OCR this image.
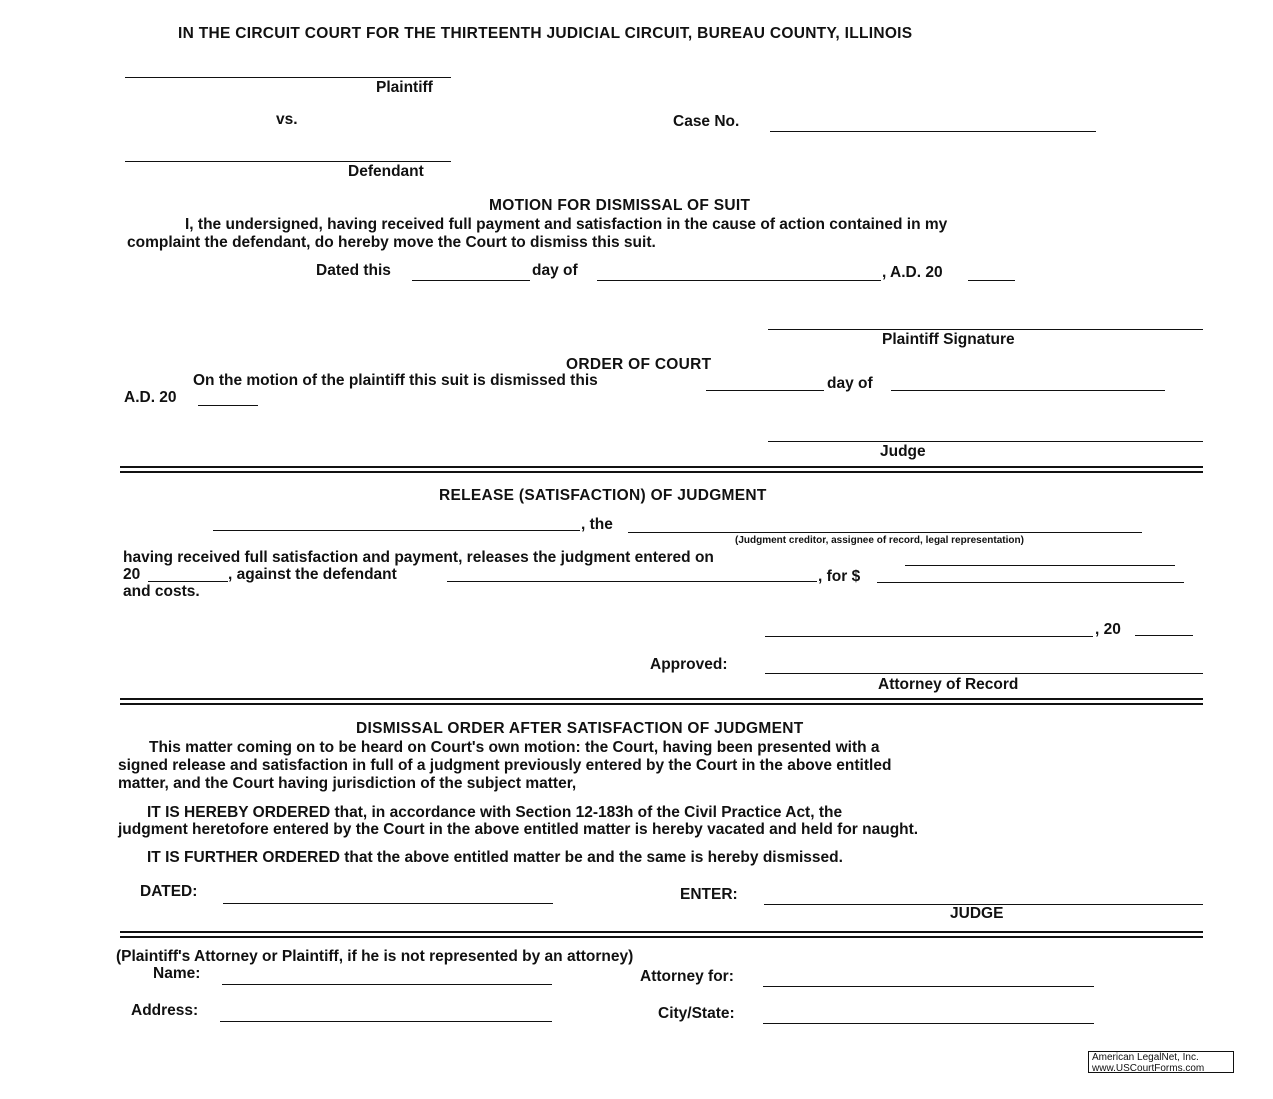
IN THE CIRCUIT COURT FOR THE THIRTEENTH JUDICIAL CIRCUIT, BUREAU COUNTY, ILLINOIS
Plaintiff
vs.	Case No.
Defendant
MOTION FOR DISMISSAL OF SUIT
I, the undersigned, having received full payment and satisfaction in the cause of action contained in my
complaint the defendant, do hereby move the Court to dismiss this suit.
Dated this	day of	, A.D. 20
Plaintiff Signature
ORDER OF COURT
On the motion of the plaintiff this suit is dismissed this	day of
A.D. 20
Judge
RELEASE (SATISFACTION) OF JUDGMENT
, the
(Judgment creditor, assignee of record, legal representation)
having received full satisfaction and payment, releases the judgment entered on
20	, against the defendant	, for $
and costs.
, 20
Approved:
Attorney of Record
DISMISSAL ORDER AFTER SATISFACTION OF JUDGMENT
This matter coming on to be heard on Court's own motion: the Court, having been presented with a
signed release and satisfaction in full of a judgment previously entered by the Court in the above entitled
matter, and the Court having jurisdiction of the subject matter,
IT IS HEREBY ORDERED that, in accordance with Section 12-183h of the Civil Practice Act, the
judgment heretofore entered by the Court in the above entitled matter is hereby vacated and held for naught.
IT IS FURTHER ORDERED that the above entitled matter be and the same is hereby dismissed.
DATED:	ENTER:
JUDGE
(Plaintiff's Attorney or Plaintiff, if he is not represented by an attorney)
Name:	Attorney for:
Address:	City/State:
American LegalNet, Inc.
www.USCourtForms.com
